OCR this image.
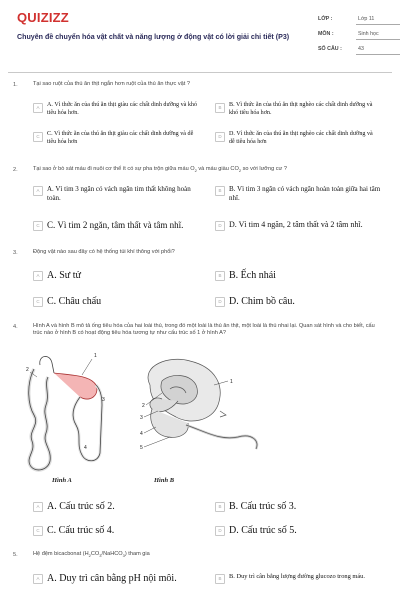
QUIZIZZ
Chuyên đề chuyển hóa vật chất và năng lượng ở động vật có lời giải chi tiết (P3)
LỚP :	Lớp 11
MÔN :	Sinh học
SỐ CÂU :	43
1.	Tại sao ruột của thú ăn thịt ngắn hơn ruột của thú ăn thực vật ?
A	A. Vì thức ăn của thú ăn thịt giàu các chất dinh dưỡng và khó tiêu hóa hơn.
B	B. Vì thức ăn của thú ăn thịt nghèo các chất dinh dưỡng và khó tiêu hóa hơn.
C	C. Vì thức ăn của thú ăn thịt giàu các chất dinh dưỡng và dễ tiêu hóa hơn
D	D. Vì thức ăn của thú ăn thịt nghèo các chất dinh dưỡng và dễ tiêu hóa hơn
2.	Tại sao ở bò sát máu đi nuôi cơ thể ít có sự pha trộn giữa máu $O_2$ và máu giàu $CO_2$ so với lưỡng cư ?
A	A. Vì tim 3 ngăn có vách ngăn tim thất không hoàn toàn.
B	B. Vì tim 3 ngăn có vách ngăn hoàn toàn giữa hai tâm nhĩ.
C C. Vì tim 2 ngăn, tâm thất và tâm nhĩ.	D D. Vì tim 4 ngăn, 2 tâm thất và 2 tâm nhĩ.
3.	Động vật nào sau đây có hệ thống túi khí thông với phổi?
A A. Sư tử	B B. Ếch nhái
C C. Châu chấu	D D. Chim bồ câu.
4.	Hình A và hình B mô tả ống tiêu hóa của hai loài thú, trong đó một loài là thú ăn thịt, một loài là thú nhai lại. Quan sát hình và cho biết, cấu trúc nào ở hình B có hoạt động tiêu hóa tương tự như cấu trúc số 1 ở hình A?
1
2
3
4
1
2
3
4
5
Hình A	Hình B
A A. Cấu trúc số 2.	B B. Cấu trúc số 3.
C C. Cấu trúc số 4.	D D. Cấu trúc số 5.
5.	Hệ đệm bicacbonat $(H_2CO_3/NaHCO_3)$ tham gia
A A. Duy trì cân bằng pH nội môi.	B	B. Duy trì cân bằng lượng đường glucozo trong máu.
